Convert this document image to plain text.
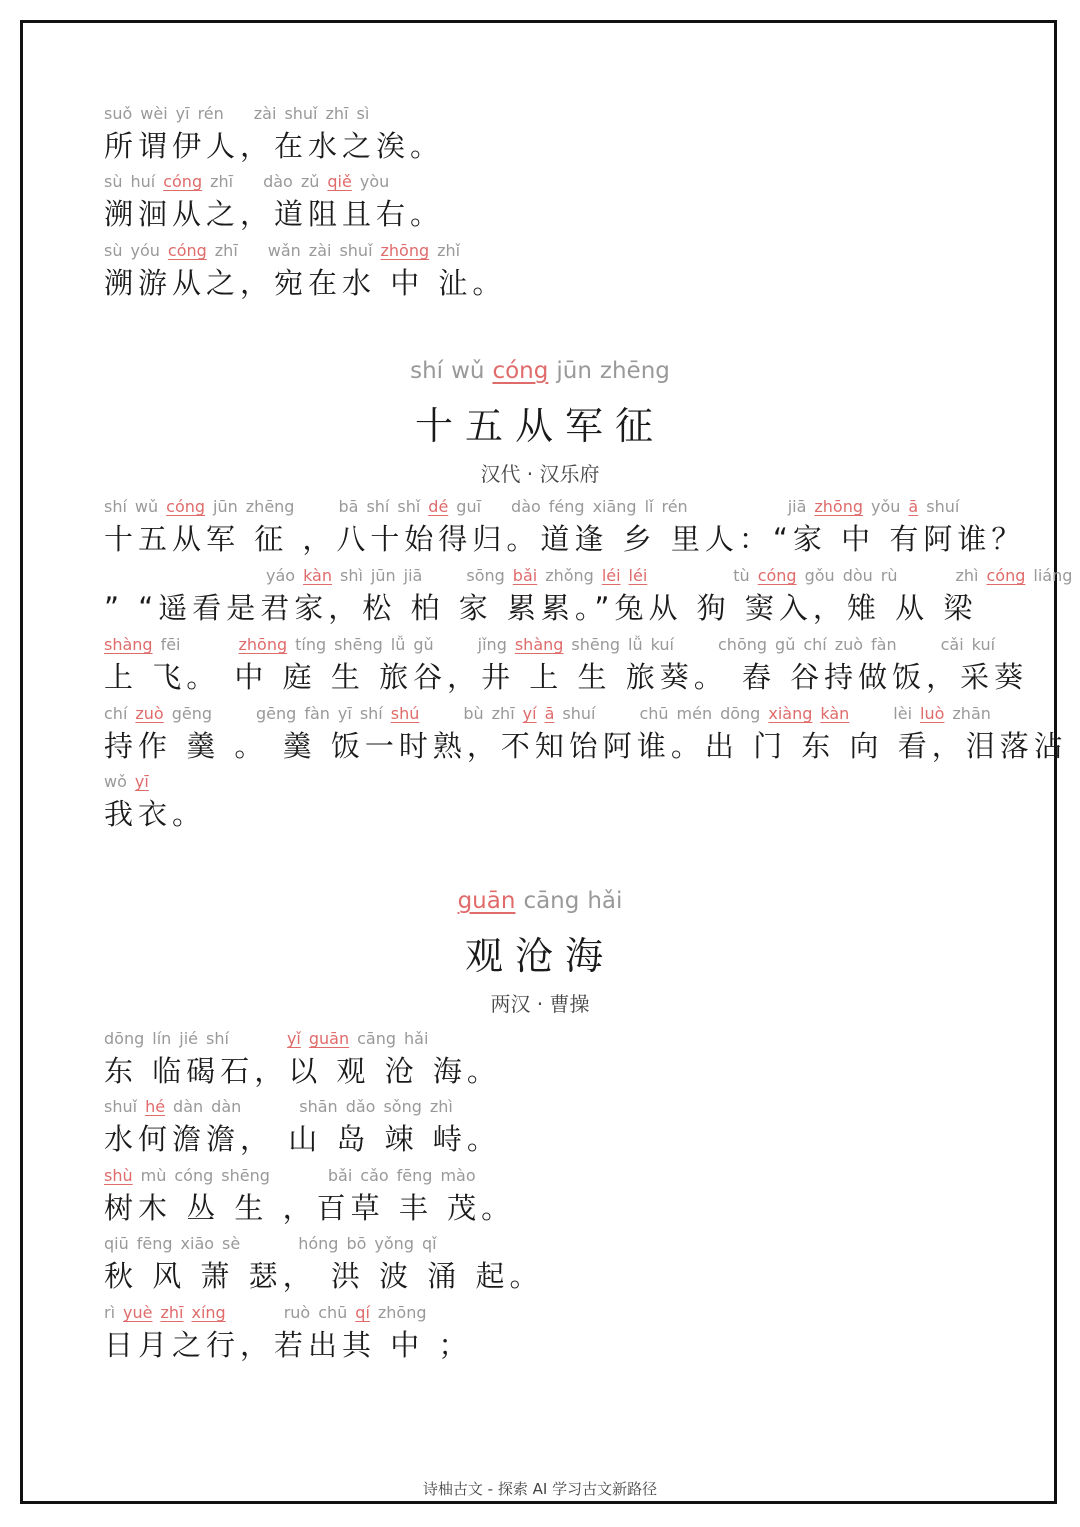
suǒ wèi yī rén zài shuǐ zhī sì
所谓伊人，在水之涘。
sù huí cóng zhī dào zǔ qiě yòu
溯洄从之，道阻且右。
sù yóu cóng zhī wǎn zài shuǐ zhōng zhǐ
溯游从之，宛在水 中 沚。
shí wǔ cóng jūn zhēng
十五从军征
汉代 · 汉乐府
shí wǔ cóng jūn zhēng	bā shí shǐ dé guī dào féng xiāng lǐ rén	jiā zhōng yǒu ā shuí
十五从军 征 ，八十始得归。道逢 乡 里人：“家 中 有阿谁？
yáo kàn shì jūn jiā	sōng bǎi zhǒng léi léi	tù cóng gǒu dòu rù	zhì cóng liáng
” “遥看是君家，松 柏 家 累累。”兔从 狗 窦入，雉 从 梁
shàng fēi	zhōng tíng shēng lǚ gǔ	jǐng shàng shēng lǚ kuí	chōng gǔ chí zuò fàn	cǎi kuí
上 飞。 中 庭 生 旅谷，井 上 生 旅葵。 舂 谷持做饭，采葵
chí zuò gēng	gēng fàn yī shí shú	bù zhī yí ā shuí	chū mén dōng xiàng kàn	lèi luò zhān
持作 羹 。 羹 饭一时熟，不知饴阿谁。出 门 东 向 看，泪落沾
wǒ yī
我衣。
guān cāng hǎi
观沧海
两汉 · 曹操
dōng lín jié shí	yǐ guān cāng hǎi
东 临碣石，以 观 沧 海。
shuǐ hé dàn dàn	shān dǎo sǒng zhì
水何澹澹， 山 岛 竦 峙。
shù mù cóng shēng	bǎi cǎo fēng mào
树木 丛 生 ，百草 丰 茂。
qiū fēng xiāo sè	hóng bō yǒng qǐ
秋 风 萧 瑟， 洪 波 涌 起。
rì yuè zhī xíng	ruò chū qí zhōng
日月之行，若出其 中 ；
诗柚古文 - 探索 AI 学习古文新路径
